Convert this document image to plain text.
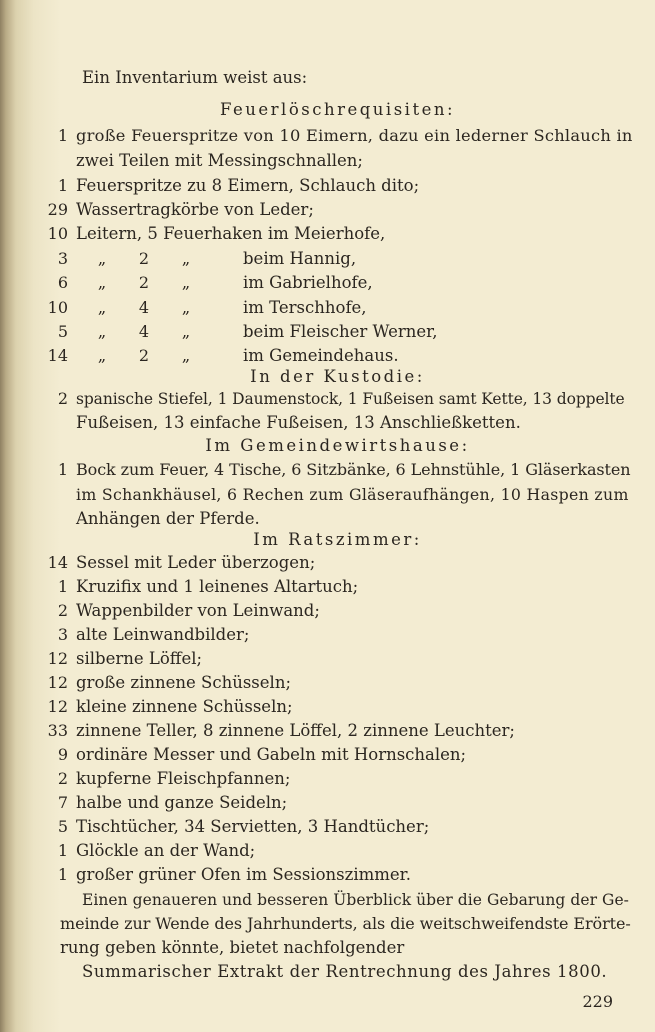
Ein Inventarium weist aus:
Feuerlöschrequisiten:
1 große Feuerspritze von 10 Eimern, dazu ein lederner Schlauch in
zwei Teilen mit Messingschnallen;
1 Feuerspritze zu 8 Eimern, Schlauch dito;
29 Wassertragkörbe von Leder;
10 Leitern, 5 Feuerhaken im Meierhofe,
3	„	2	„	beim Hannig,
6	„	2	„	im Gabrielhofe,
10	„	4	„	im Terschhofe,
5	„	4	„	beim Fleischer Werner,
14	„	2	„	im Gemeindehaus.
In der Kustodie:
2 spanische Stiefel, 1 Daumenstock, 1 Fußeisen samt Kette, 13 doppelte
Fußeisen, 13 einfache Fußeisen, 13 Anschließketten.
Im Gemeindewirtshause:
1 Bock zum Feuer, 4 Tische, 6 Sitzbänke, 6 Lehnstühle, 1 Gläserkasten
im Schankhäusel, 6 Rechen zum Gläseraufhängen, 10 Haspen zum
Anhängen der Pferde.
Im Ratszimmer:
14 Sessel mit Leder überzogen;
1 Kruzifix und 1 leinenes Altartuch;
2 Wappenbilder von Leinwand;
3 alte Leinwandbilder;
12 silberne Löffel;
12 große zinnene Schüsseln;
12 kleine zinnene Schüsseln;
33 zinnene Teller, 8 zinnene Löffel, 2 zinnene Leuchter;
9 ordinäre Messer und Gabeln mit Hornschalen;
2 kupferne Fleischpfannen;
7 halbe und ganze Seideln;
5 Tischtücher, 34 Servietten, 3 Handtücher;
1 Glöckle an der Wand;
1 großer grüner Ofen im Sessionszimmer.
Einen genaueren und besseren Überblick über die Gebarung der Ge-
meinde zur Wende des Jahrhunderts, als die weitschweifendste Erörte-
rung geben könnte, bietet nachfolgender
Summarischer Extrakt der Rentrechnung des Jahres 1800.
229
